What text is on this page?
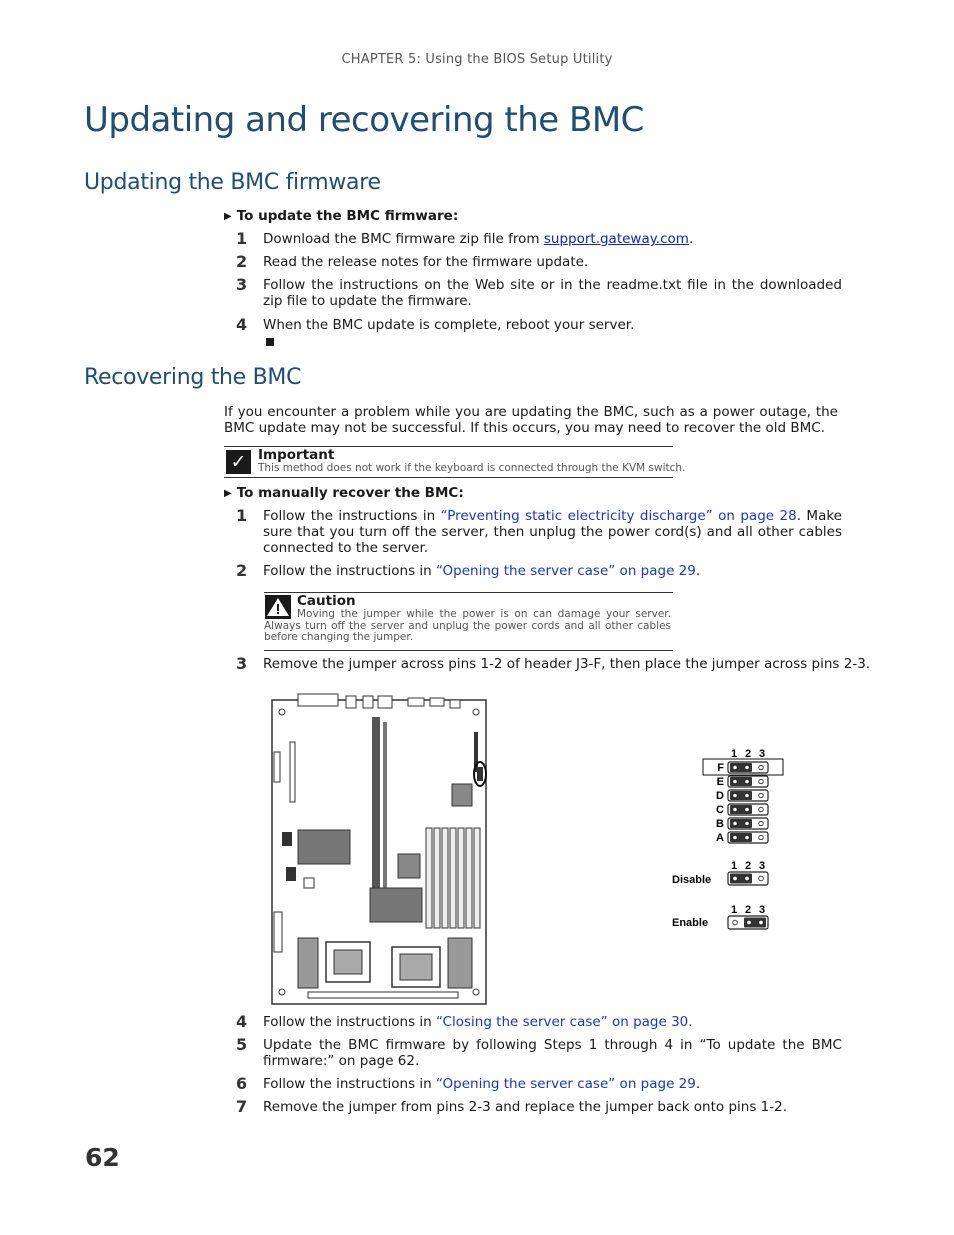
CHAPTER 5: Using the BIOS Setup Utility
Updating and recovering the BMC
Updating the BMC firmware
▶ To update the BMC firmware:
1	Download the BMC firmware zip file from support.gateway.com.
2	Read the release notes for the firmware update.
3	Follow the instructions on the Web site or in the readme.txt file in the downloaded zip file to update the firmware.
4	When the BMC update is complete, reboot your server.
Recovering the BMC
If you encounter a problem while you are updating the BMC, such as a power outage, the BMC update may not be successful. If this occurs, you may need to recover the old BMC.
✓ Important
This method does not work if the keyboard is connected through the KVM switch.
▶ To manually recover the BMC:
1	Follow the instructions in “Preventing static electricity discharge” on page 28. Make sure that you turn off the server, then unplug the power cord(s) and all other cables connected to the server.
2	Follow the instructions in “Opening the server case” on page 29.
Caution
Moving the jumper while the power is on can damage your server. Always turn off the server and unplug the power cords and all other cables before changing the jumper.
3	Remove the jumper across pins 1-2 of header J3-F, then place the jumper across pins 2-3.
1 2 3
F
E
D
C
B
A
1 2 3
Disable
1 2 3
Enable
4	Follow the instructions in “Closing the server case” on page 30.
5	Update the BMC firmware by following Steps 1 through 4 in “To update the BMC firmware:” on page 62.
6	Follow the instructions in “Opening the server case” on page 29.
7	Remove the jumper from pins 2-3 and replace the jumper back onto pins 1-2.
62
